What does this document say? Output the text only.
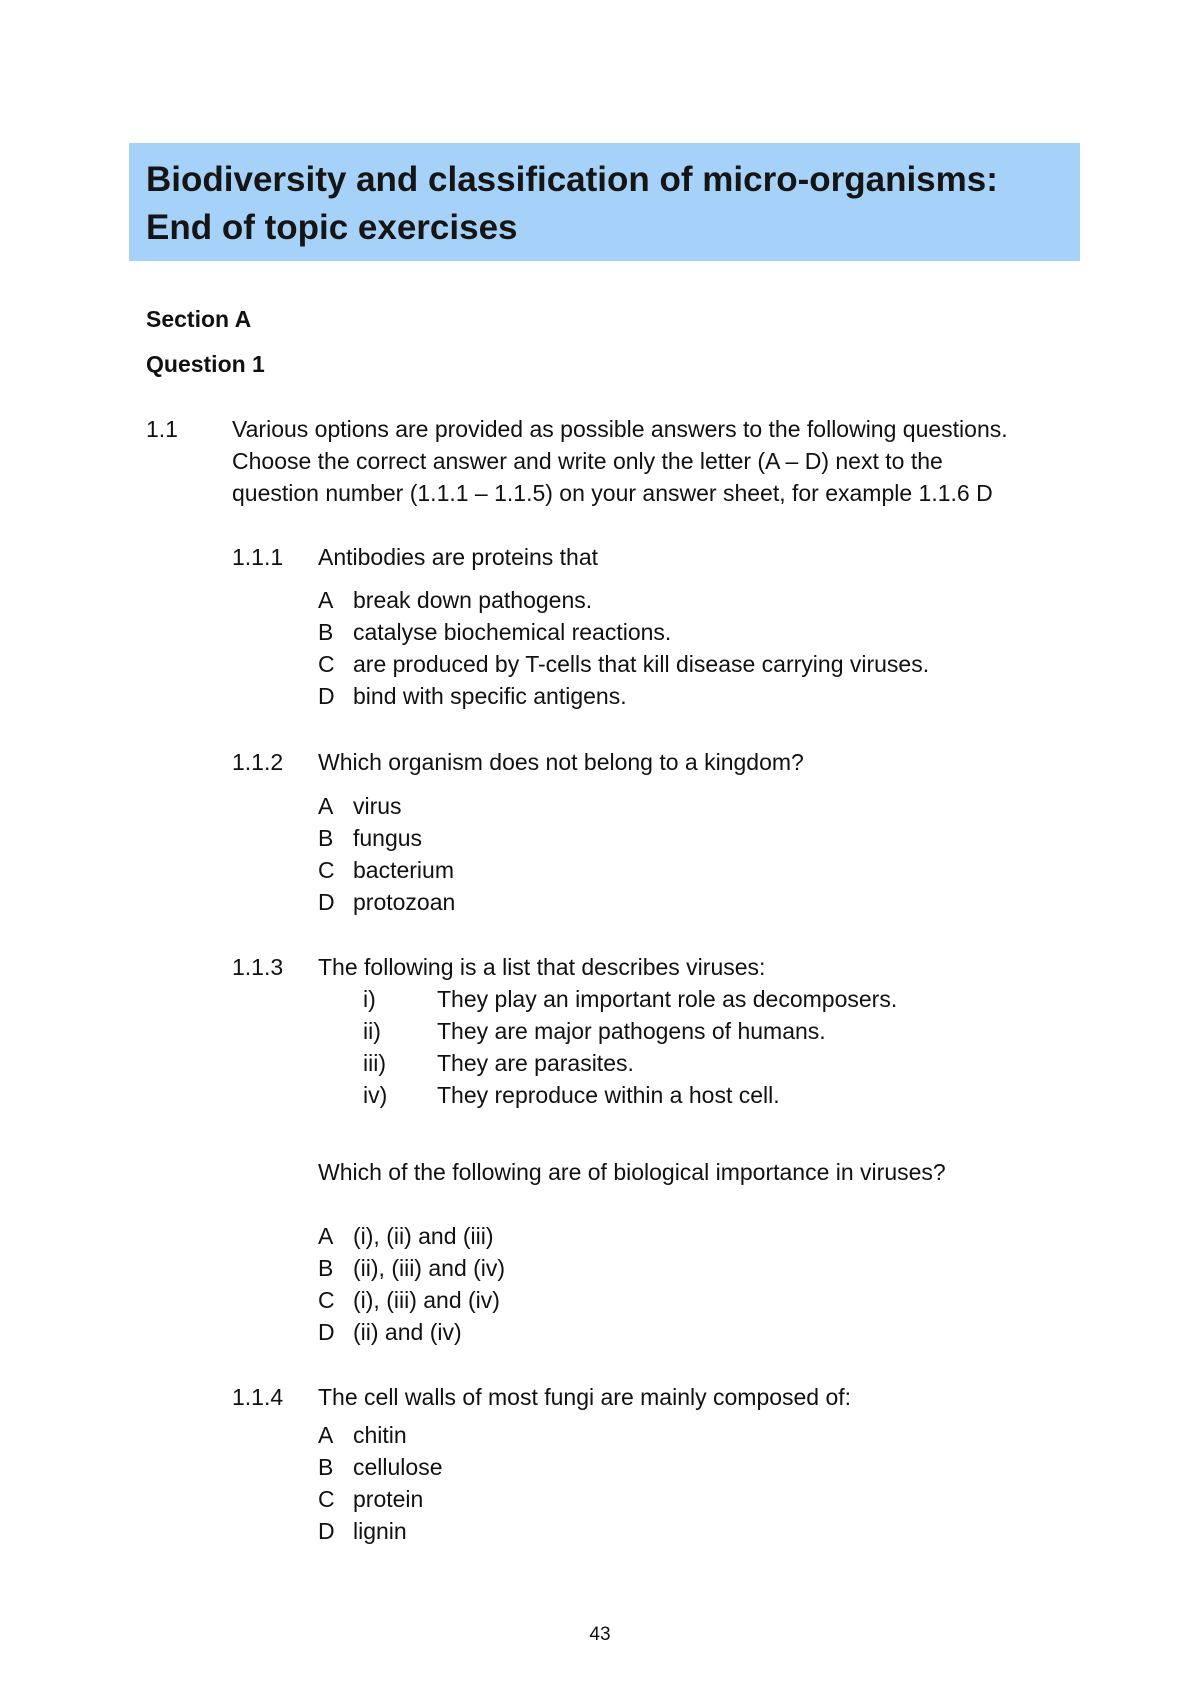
Biodiversity and classification of micro-organisms:
End of topic exercises
Section A
Question 1
1.1 Various options are provided as possible answers to the following questions.
Choose the correct answer and write only the letter (A – D) next to the
question number (1.1.1 – 1.1.5) on your answer sheet, for example 1.1.6 D
1.1.1 Antibodies are proteins that
A break down pathogens.
B catalyse biochemical reactions.
C are produced by T-cells that kill disease carrying viruses.
D bind with specific antigens.
1.1.2 Which organism does not belong to a kingdom?
A virus
B fungus
C bacterium
D protozoan
1.1.3 The following is a list that describes viruses:
i)	They play an important role as decomposers.
ii) They are major pathogens of humans.
iii) They are parasites.
iv) They reproduce within a host cell.
Which of the following are of biological importance in viruses?
A (i), (ii) and (iii)
B (ii), (iii) and (iv)
C (i), (iii) and (iv)
D (ii) and (iv)
1.1.4 The cell walls of most fungi are mainly composed of:
A chitin
B cellulose
C protein
D lignin
43
